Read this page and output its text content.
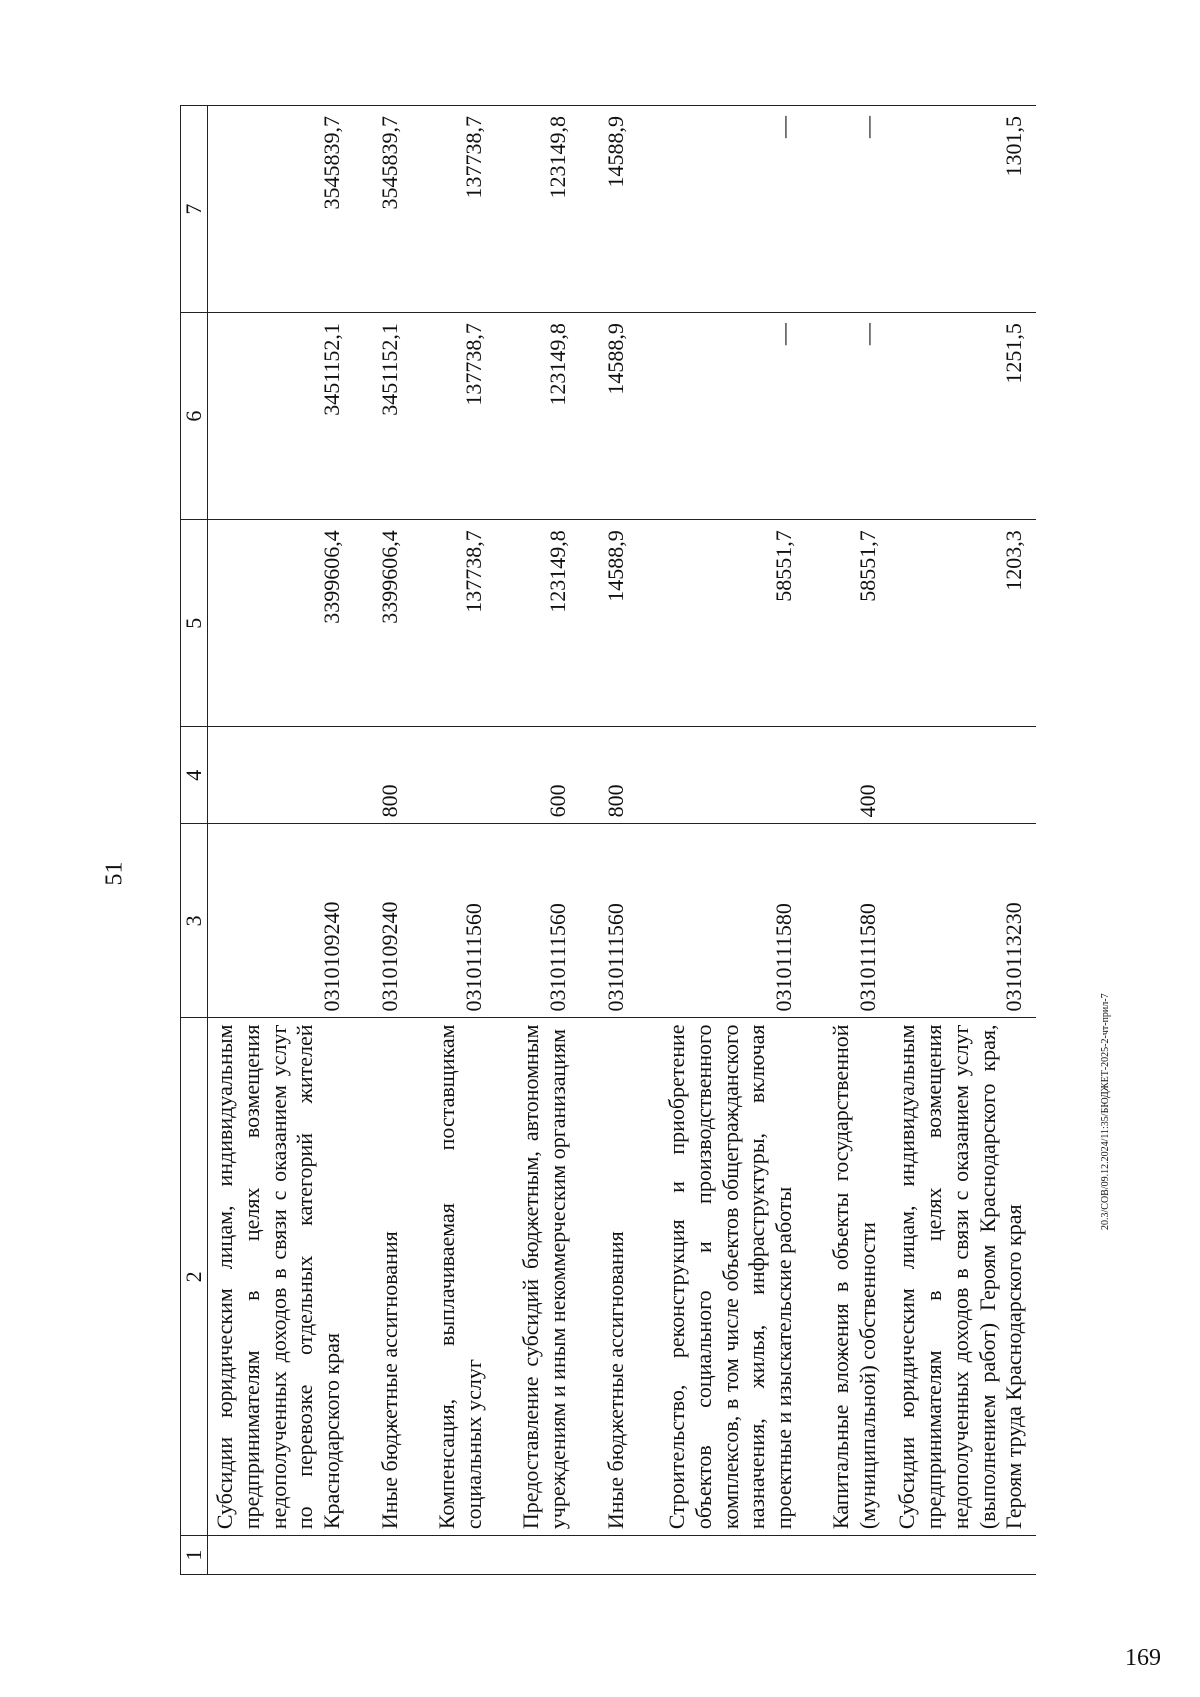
51
1	2	3	4	5	6	7
	Субсидии юридическим лицам, индивидуальным предпринимателям в целях возмещения недополученных доходов в связи с оказанием услуг по перевозке отдельных категорий жителей Краснодарского края	0310109240		3399606,4	3451152,1	3545839,7
	Иные бюджетные ассигнования	0310109240	800	3399606,4	3451152,1	3545839,7
	Компенсация, выплачиваемая поставщикам социальных услуг	0310111560		137738,7	137738,7	137738,7
	Предоставление субсидий бюджетным, автономным учреждениям и иным некоммерческим организациям	0310111560	600	123149,8	123149,8	123149,8
	Иные бюджетные ассигнования	0310111560	800	14588,9	14588,9	14588,9
	Строительство, реконструкция и приобретение объектов социального и производственного комплексов, в том числе объектов общегражданского назначения, жилья, инфраструктуры, включая проектные и изыскательские работы	0310111580		58551,7	—	—
	Капитальные вложения в объекты государственной (муниципальной) собственности	0310111580	400	58551,7	—	—
	Субсидии юридическим лицам, индивидуальным предпринимателям в целях возмещения недополученных доходов в связи с оказанием услуг (выполнением работ) Героям Краснодарского края, Героям труда Краснодарского края	0310113230		1203,3	1251,5	1301,5
20.3/СОВ/09.12.2024/11:35/БЮДЖЕТ-2025-2-чт-прил-7
169
